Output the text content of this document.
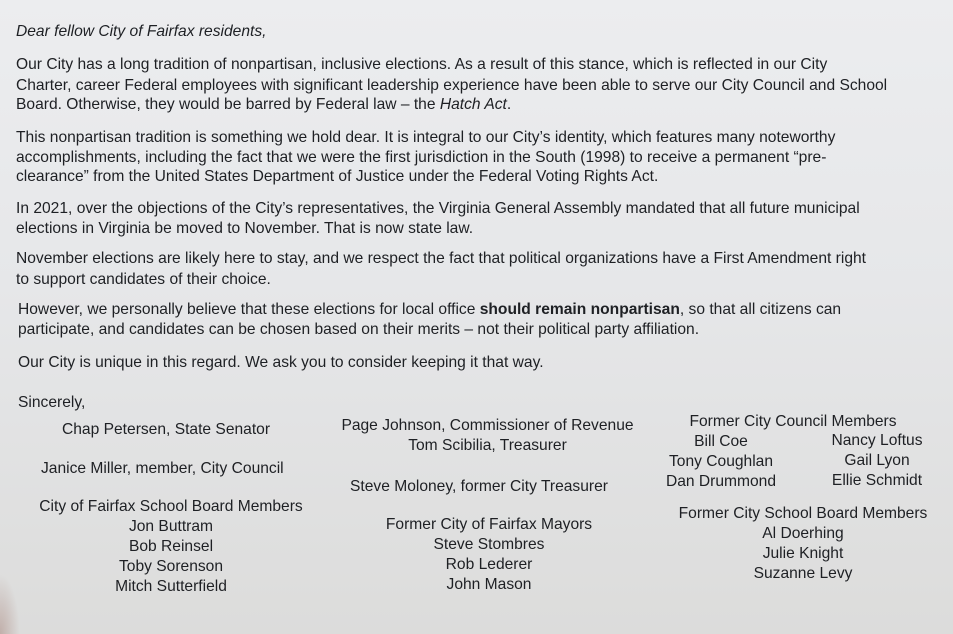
Dear fellow City of Fairfax residents,

Our City has a long tradition of nonpartisan, inclusive elections. As a result of this stance, which is reflected in our City

Charter, career Federal employees with significant leadership experience have been able to serve our City Council and School

Board. Otherwise, they would be barred by Federal law – the Hatch Act.

This nonpartisan tradition is something we hold dear. It is integral to our City’s identity, which features many noteworthy

accomplishments, including the fact that we were the first jurisdiction in the South (1998) to receive a permanent “pre-

clearance” from the United States Department of Justice under the Federal Voting Rights Act.

In 2021, over the objections of the City’s representatives, the Virginia General Assembly mandated that all future municipal

elections in Virginia be moved to November. That is now state law.

November elections are likely here to stay, and we respect the fact that political organizations have a First Amendment right

to support candidates of their choice.

However, we personally believe that these elections for local office should remain nonpartisan, so that all citizens can

participate, and candidates can be chosen based on their merits – not their political party affiliation.

Our City is unique in this regard. We ask you to consider keeping it that way.

Sincerely,

Chap Petersen, State Senator
Janice Miller, member, City Council
City of Fairfax School Board Members
Jon Buttram
Bob Reinsel
Toby Sorenson
Mitch Sutterfield
Page Johnson, Commissioner of Revenue
Tom Scibilia, Treasurer
Steve Moloney, former City Treasurer
Former City of Fairfax Mayors
Steve Stombres
Rob Lederer
John Mason
Former City Council Members
Bill Coe
Tony Coughlan
Dan Drummond
Nancy Loftus
Gail Lyon
Ellie Schmidt
Former City School Board Members
Al Doerhing
Julie Knight
Suzanne Levy
